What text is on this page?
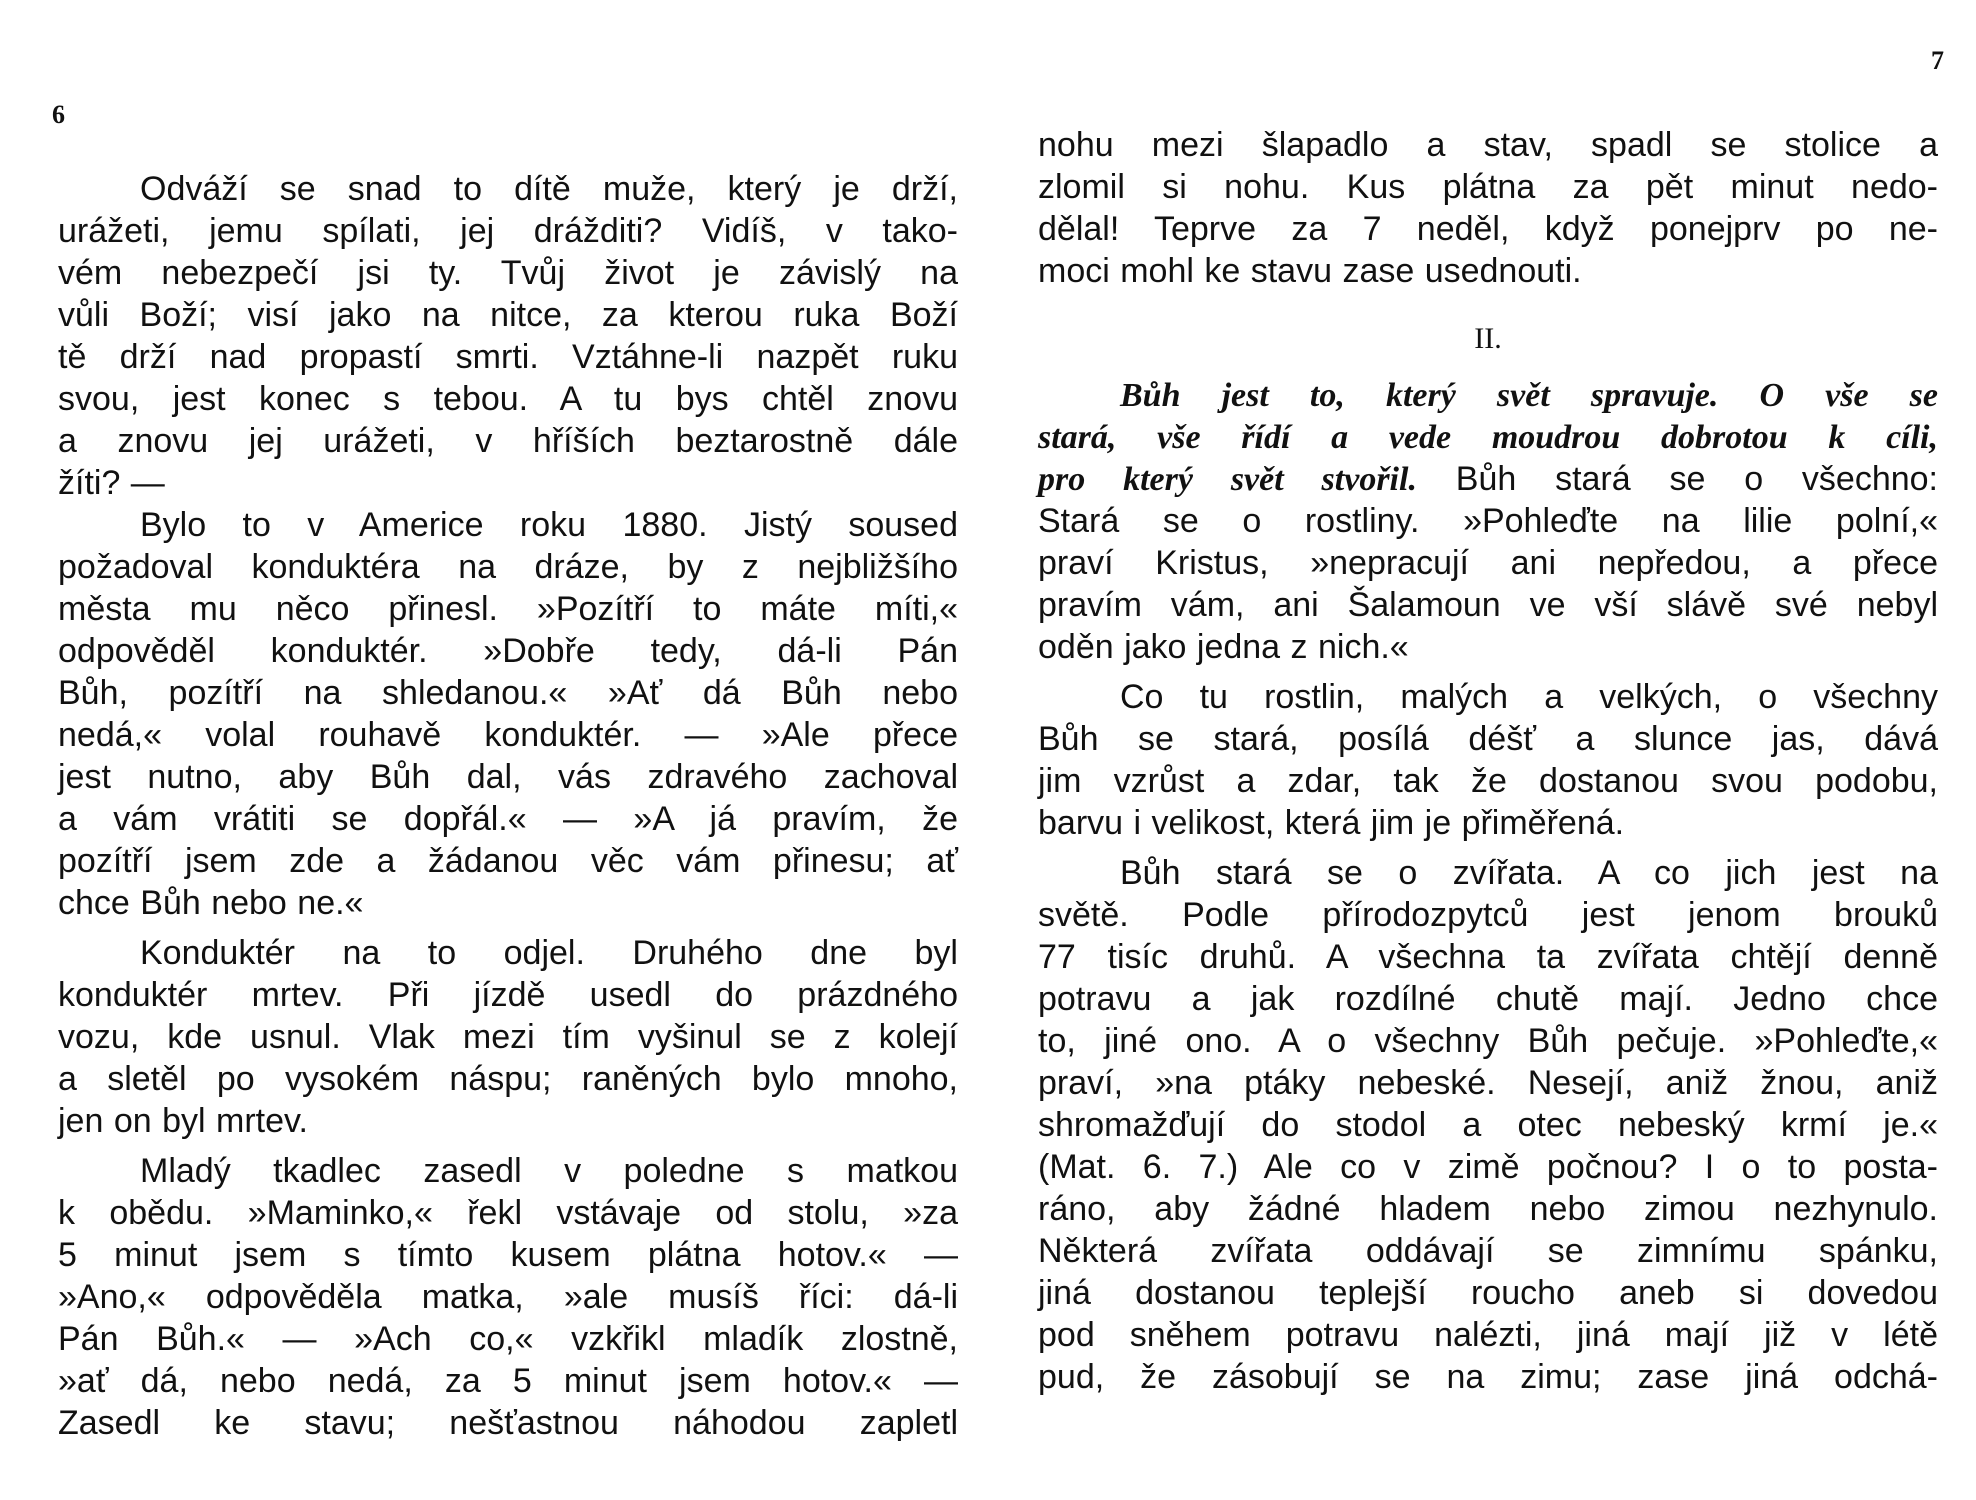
6
Odváží se snad to dítě muže, který je drží,
urážeti, jemu spílati, jej drážditi? Vidíš, v tako-
vém nebezpečí jsi ty. Tvůj život je závislý na
vůli Boží; visí jako na nitce, za kterou ruka Boží
tě drží nad propastí smrti. Vztáhne-li nazpět ruku
svou, jest konec s tebou. A tu bys chtěl znovu
a znovu jej urážeti, v hříších beztarostně dále
žíti? —
Bylo to v Americe roku 1880. Jistý soused
požadoval konduktéra na dráze, by z nejbližšího
města mu něco přinesl. »Pozítří to máte míti,«
odpověděl konduktér. »Dobře tedy, dá-li Pán
Bůh, pozítří na shledanou.« »Ať dá Bůh nebo
nedá,« volal rouhavě konduktér. — »Ale přece
jest nutno, aby Bůh dal, vás zdravého zachoval
a vám vrátiti se dopřál.« — »A já pravím, že
pozítří jsem zde a žádanou věc vám přinesu; ať
chce Bůh nebo ne.«
Konduktér na to odjel. Druhého dne byl
konduktér mrtev. Při jízdě usedl do prázdného
vozu, kde usnul. Vlak mezi tím vyšinul se z kolejí
a sletěl po vysokém náspu; raněných bylo mnoho,
jen on byl mrtev.
Mladý tkadlec zasedl v poledne s matkou
k obědu. »Maminko,« řekl vstávaje od stolu, »za
5 minut jsem s tímto kusem plátna hotov.« —
»Ano,« odpověděla matka, »ale musíš říci: dá-li
Pán Bůh.« — »Ach co,« vzkřikl mladík zlostně,
»ať dá, nebo nedá, za 5 minut jsem hotov.« —
Zasedl ke stavu; nešťastnou náhodou zapletl
7
nohu mezi šlapadlo a stav, spadl se stolice a
zlomil si nohu. Kus plátna za pět minut nedo-
dělal! Teprve za 7 neděl, když ponejprv po ne-
moci mohl ke stavu zase usednouti.
II.
Bůh jest to, který svět spravuje. O vše se
stará, vše řídí a vede moudrou dobrotou k cíli,
pro který svět stvořil. Bůh stará se o všechno:
Stará se o rostliny. »Pohleďte na lilie polní,«
praví Kristus, »nepracují ani nepředou, a přece
pravím vám, ani Šalamoun ve vší slávě své nebyl
oděn jako jedna z nich.«
Co tu rostlin, malých a velkých, o všechny
Bůh se stará, posílá déšť a slunce jas, dává
jim vzrůst a zdar, tak že dostanou svou podobu,
barvu i velikost, která jim je přiměřená.
Bůh stará se o zvířata. A co jich jest na
světě. Podle přírodozpytců jest jenom brouků
77 tisíc druhů. A všechna ta zvířata chtějí denně
potravu a jak rozdílné chutě mají. Jedno chce
to, jiné ono. A o všechny Bůh pečuje. »Pohleďte,«
praví, »na ptáky nebeské. Nesejí, aniž žnou, aniž
shromažďují do stodol a otec nebeský krmí je.«
(Mat. 6. 7.) Ale co v zimě počnou? I o to posta-
ráno, aby žádné hladem nebo zimou nezhynulo.
Některá zvířata oddávají se zimnímu spánku,
jiná dostanou teplejší roucho aneb si dovedou
pod sněhem potravu nalézti, jiná mají již v létě
pud, že zásobují se na zimu; zase jiná odchá-
